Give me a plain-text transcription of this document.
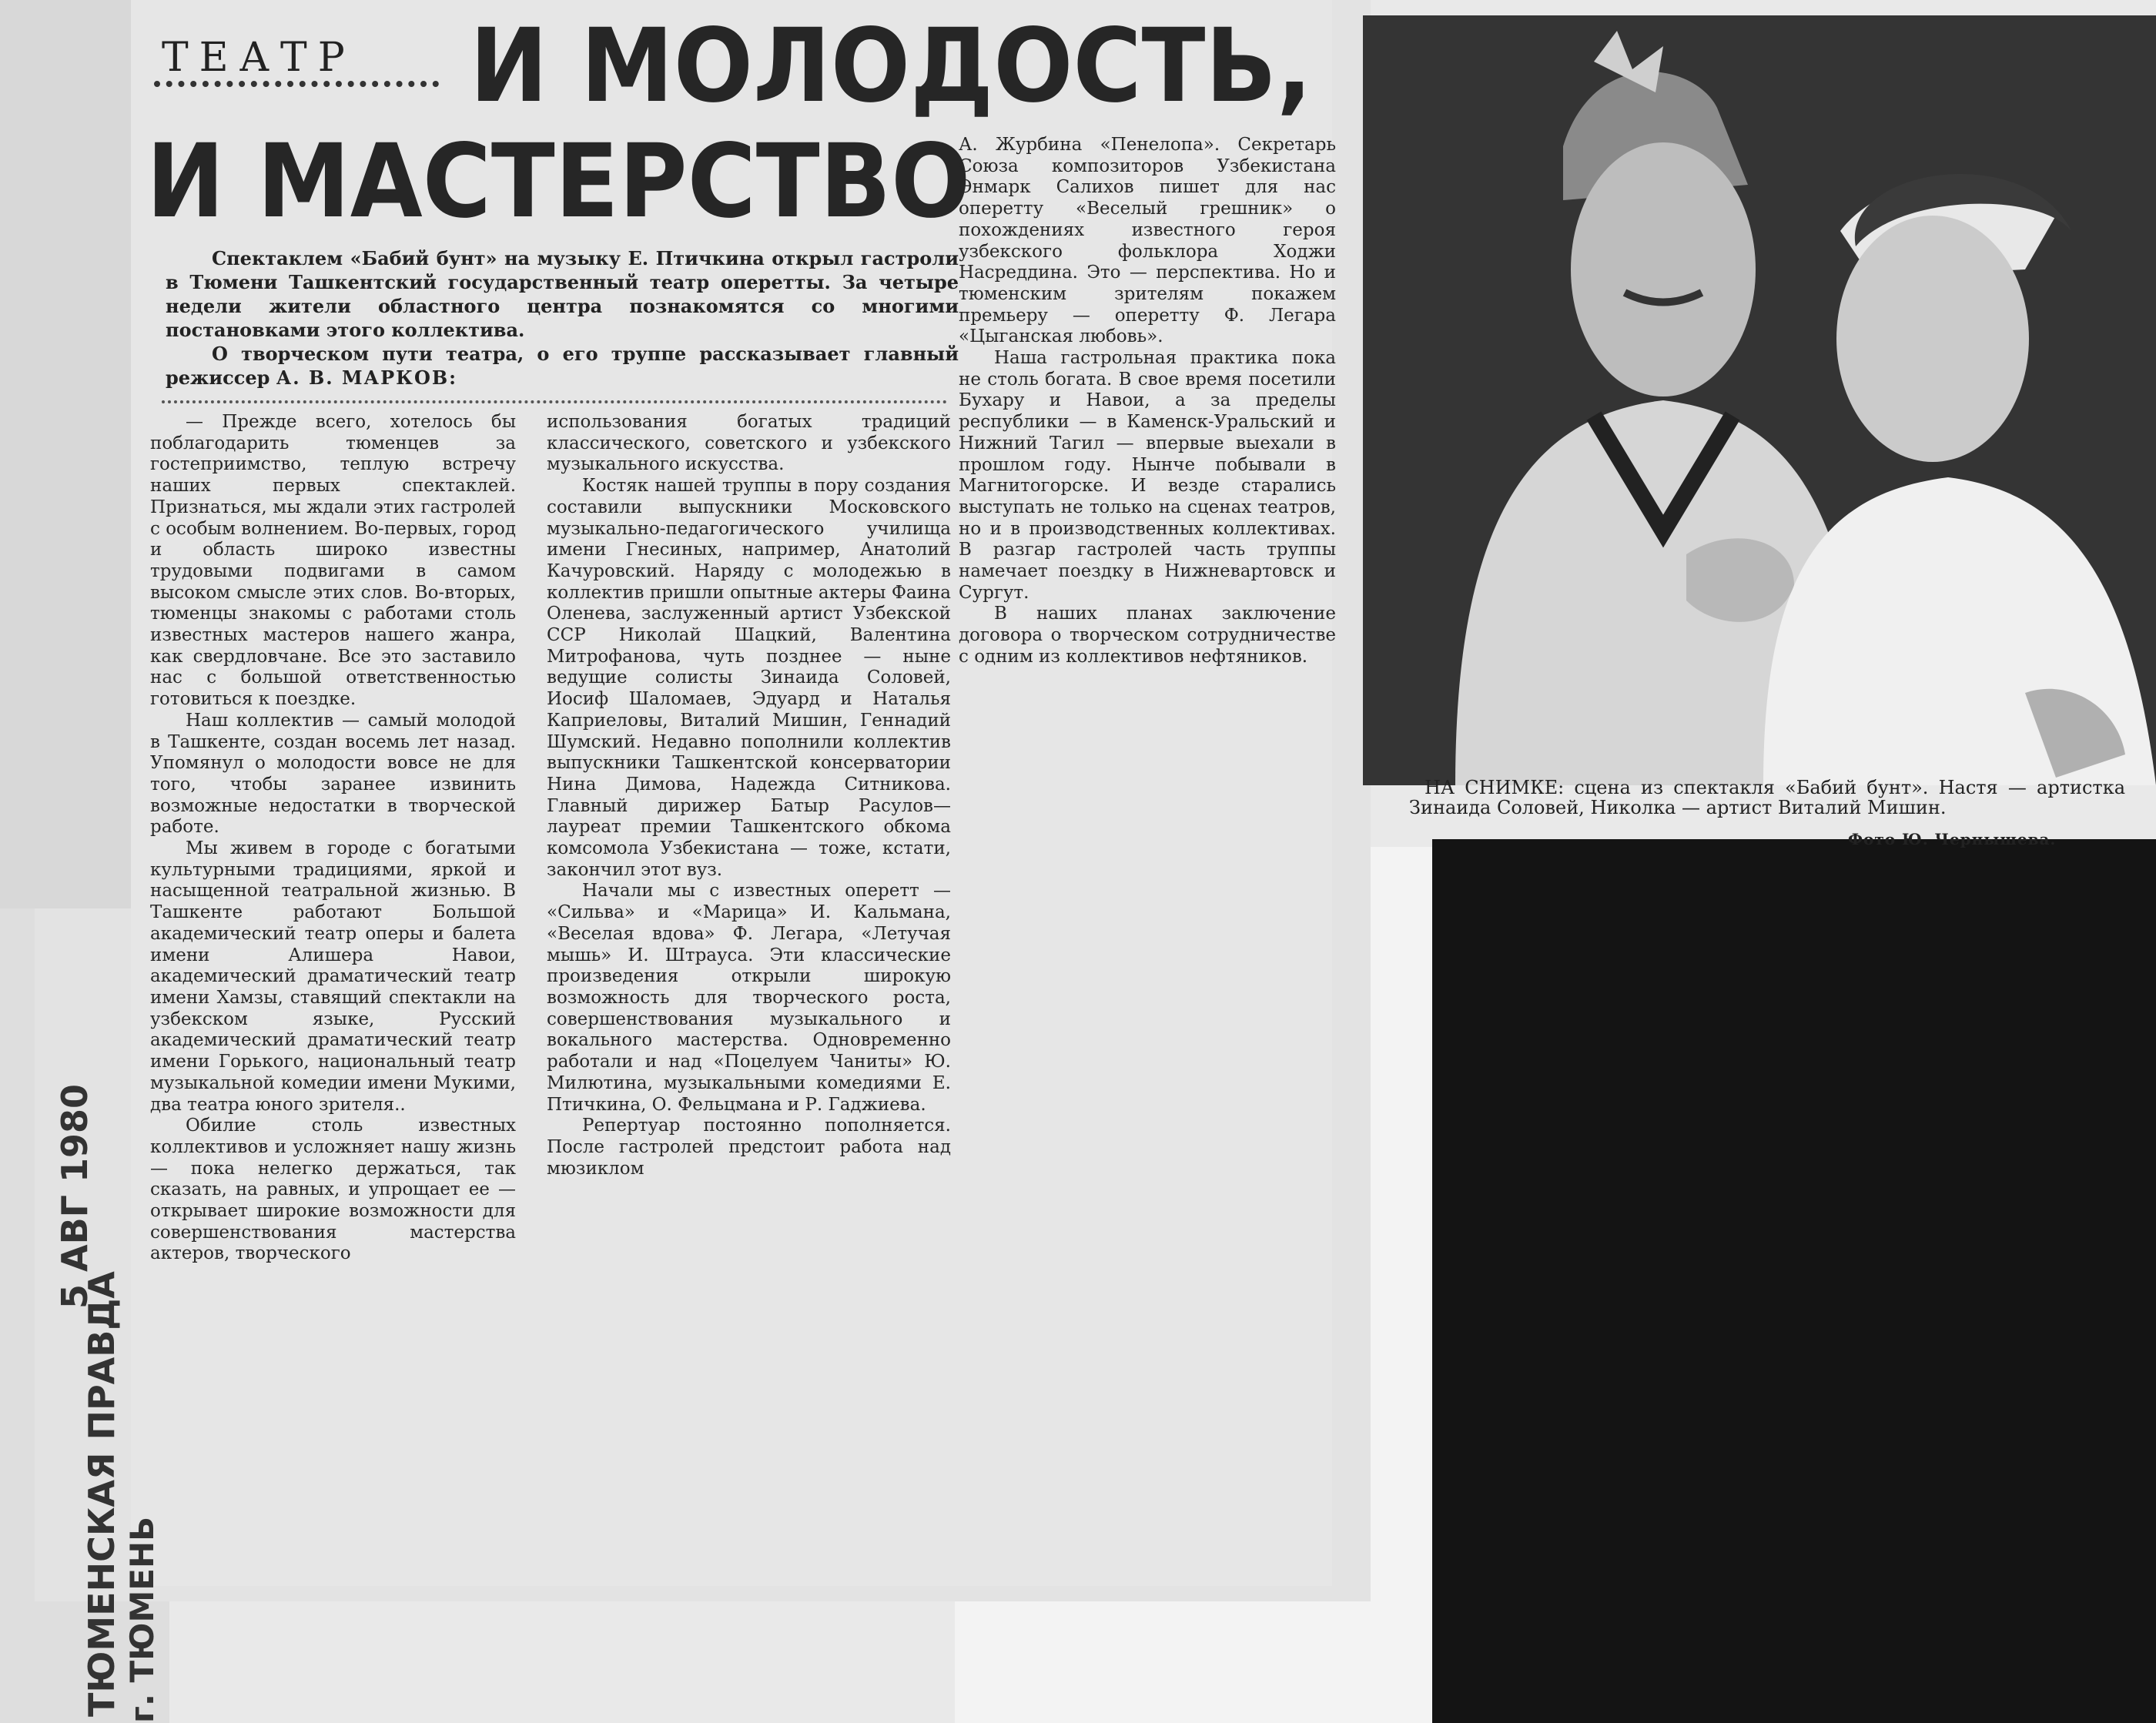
ТЕАТР	И МОЛОДОСТЬ,
И МАСТЕРСТВО

Спектаклем «Бабий бунт» на музыку Е. Птичкина открыл гастроли в Тюмени Ташкентский государственный театр оперетты. За четыре недели жители областного центра познакомятся со многими постановками этого коллектива.

О творческом пути театра, о его труппе рассказывает главный режиссер А. В. МАРКОВ:

— Прежде всего, хотелось бы поблагодарить тюменцев за гостеприимство, теплую встречу наших первых спектаклей. Признаться, мы ждали этих гастролей с особым волнением. Во-первых, город и область широко известны трудовыми подвигами в самом высоком смысле этих слов. Во-вторых, тюменцы знакомы с работами столь известных мастеров нашего жанра, как свердловчане. Все это заставило нас с большой ответственностью готовиться к поездке.

Наш коллектив — самый молодой в Ташкенте, создан восемь лет назад. Упомянул о молодости вовсе не для того, чтобы заранее извинить возможные недостатки в творческой работе.

Мы живем в городе с богатыми культурными традициями, яркой и насыщенной театральной жизнью. В Ташкенте работают Большой академический театр оперы и балета имени Алишера Навои, академический драматический театр имени Хамзы, ставящий спектакли на узбекском языке, Русский академический драматический театр имени Горького, национальный театр музыкальной комедии имени Мукими, два театра юного зрителя..

Обилие столь известных коллективов и усложняет нашу жизнь — пока нелегко держаться, так сказать, на равных, и упрощает ее — открывает широкие возможности для совершенствования мастерства актеров, творческого

использования богатых традиций классического, советского и узбекского музыкального искусства.

Костяк нашей труппы в пору создания составили выпускники Московского музыкально-педагогического училища имени Гнесиных, например, Анатолий Качуровский. Наряду с молодежью в коллектив пришли опытные актеры Фаина Оленева, заслуженный артист Узбекской ССР Николай Шацкий, Валентина Митрофанова, чуть позднее — ныне ведущие солисты Зинаида Соловей, Иосиф Шаломаев, Эдуард и Наталья Каприеловы, Виталий Мишин, Геннадий Шумский. Недавно пополнили коллектив выпускники Ташкентской консерватории Нина Димова, Надежда Ситникова. Главный дирижер Батыр Расулов—лауреат премии Ташкентского обкома комсомола Узбекистана — тоже, кстати, закончил этот вуз.

Начали мы с известных оперетт — «Сильва» и «Марица» И. Кальмана, «Веселая вдова» Ф. Легара, «Летучая мышь» И. Штрауса. Эти классические произведения открыли широкую возможность для творческого роста, совершенствования музыкального и вокального мастерства. Одновременно работали и над «Поцелуем Чаниты» Ю. Милютина, музыкальными комедиями Е. Птичкина, О. Фельцмана и Р. Гаджиева.

Репертуар постоянно пополняется. После гастролей предстоит работа над мюзиклом

А. Журбина «Пенелопа». Секретарь Союза композиторов Узбекистана Энмарк Салихов пишет для нас оперетту «Веселый грешник» о похождениях известного героя узбекского фольклора Ходжи Насреддина. Это — перспектива. Но и тюменским зрителям покажем премьеру — оперетту Ф. Легара «Цыганская любовь».

Наша гастрольная практика пока не столь богата. В свое время посетили Бухару и Навои, а за пределы республики — в Каменск-Уральский и Нижний Тагил — впервые выехали в прошлом году. Нынче побывали в Магнитогорске. И везде старались выступать не только на сценах театров, но и в производственных коллективах. В разгар гастролей часть труппы намечает поездку в Нижневартовск и Сургут.

В наших планах заключение договора о творческом сотрудничестве с одним из коллективов нефтяников.

НА СНИМКЕ: сцена из спектакля «Бабий бунт». Настя — артистка Зинаида Соловей, Николка — артист Виталий Мишин.

Фото Ю. Чернышева.
5 АВГ 1980
ТЮМЕНСКАЯ ПРАВДА г. ТЮМЕНЬ
